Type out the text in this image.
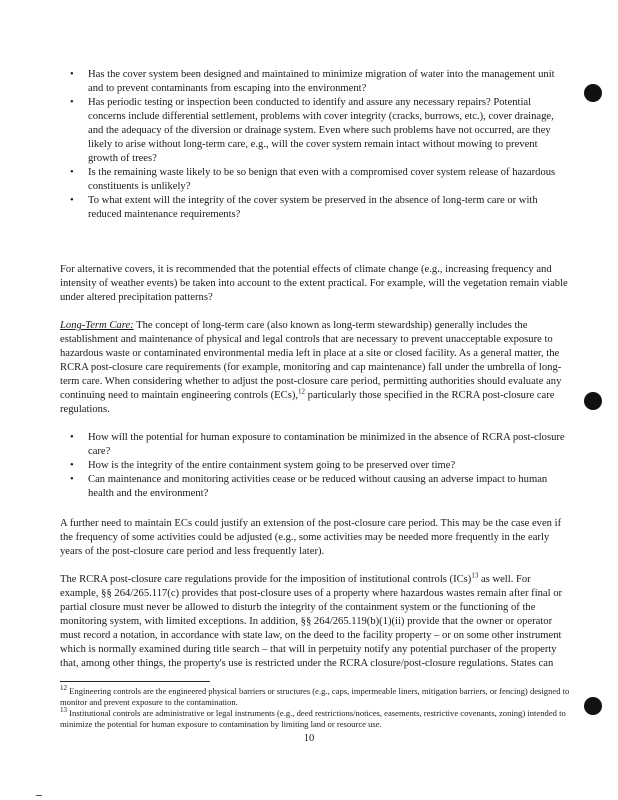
• Has the cover system been designed and maintained to minimize migration of water into the management unit and to prevent contaminants from escaping into the environment?
• Has periodic testing or inspection been conducted to identify and assure any necessary repairs? Potential concerns include differential settlement, problems with cover integrity (cracks, burrows, etc.), cover drainage, and the adequacy of the diversion or drainage system. Even where such problems have not occurred, are they likely to arise without long-term care, e.g., will the cover system remain intact without mowing to prevent growth of trees?
• Is the remaining waste likely to be so benign that even with a compromised cover system release of hazardous constituents is unlikely?
• To what extent will the integrity of the cover system be preserved in the absence of long-term care or with reduced maintenance requirements?

For alternative covers, it is recommended that the potential effects of climate change (e.g., increasing frequency and intensity of weather events) be taken into account to the extent practical. For example, will the vegetation remain viable under altered precipitation patterns?

Long-Term Care: The concept of long-term care (also known as long-term stewardship) generally includes the establishment and maintenance of physical and legal controls that are necessary to prevent unacceptable exposure to hazardous waste or contaminated environmental media left in place at a site or closed facility. As a general matter, the RCRA post-closure care requirements (for example, monitoring and cap maintenance) fall under the umbrella of long-term care. When considering whether to adjust the post-closure care period, permitting authorities should evaluate any continuing need to maintain engineering controls (ECs),$^{12}$ particularly those specified in the RCRA post-closure care regulations.

• How will the potential for human exposure to contamination be minimized in the absence of RCRA post-closure care?
• How is the integrity of the entire containment system going to be preserved over time?
• Can maintenance and monitoring activities cease or be reduced without causing an adverse impact to human health and the environment?

A further need to maintain ECs could justify an extension of the post-closure care period. This may be the case even if the frequency of some activities could be adjusted (e.g., some activities may be needed more frequently in the early years of the post-closure care period and less frequently later).

The RCRA post-closure care regulations provide for the imposition of institutional controls (ICs)$^{13}$ as well. For example, §§ 264/265.117(c) provides that post-closure uses of a property where hazardous wastes remain after final or partial closure must never be allowed to disturb the integrity of the containment system or the functioning of the monitoring system, with limited exceptions. In addition, §§ 264/265.119(b)(1)(ii) provide that the owner or operator must record a notation, in accordance with state law, on the deed to the facility property – or on some other instrument which is normally examined during title search – that will in perpetuity notify any potential purchaser of the property that, among other things, the property's use is restricted under the RCRA closure/post-closure regulations. States can

$^{12}$ Engineering controls are the engineered physical barriers or structures (e.g., caps, impermeable liners, mitigation barriers, or fencing) designed to monitor and prevent exposure to the contamination.

$^{13}$ Institutional controls are administrative or legal instruments (e.g., deed restrictions/notices, easements, restrictive covenants, zoning) intended to minimize the potential for human exposure to contamination by limiting land or resource use.

10
